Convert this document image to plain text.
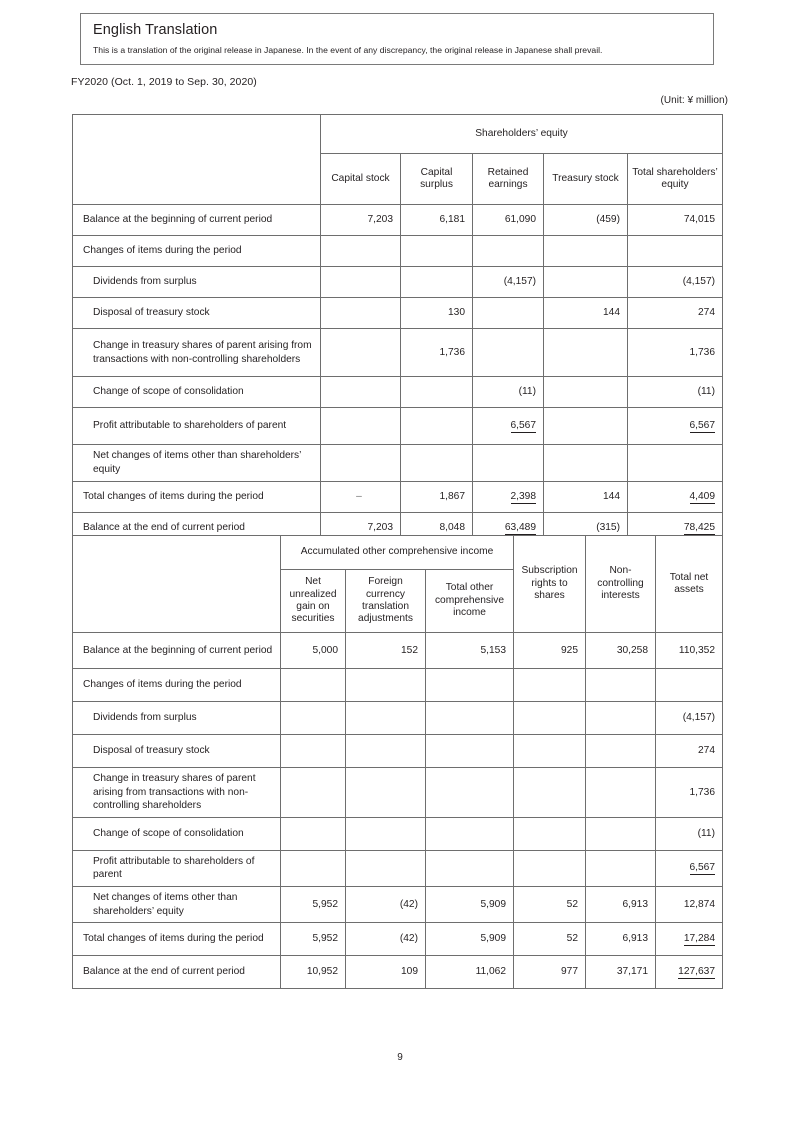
English Translation
This is a translation of the original release in Japanese. In the event of any discrepancy, the original release in Japanese shall prevail.
FY2020 (Oct. 1, 2019 to Sep. 30, 2020)
(Unit: ¥ million)
	Shareholders’ equity				
	Capital stock	Capital surplus	Retained earnings	Treasury stock	Total shareholders’ equity
Balance at the beginning of current period	7,203	6,181	61,090	(459)	74,015
Changes of items during the period					
Dividends from surplus			(4,157)		(4,157)
Disposal of treasury stock		130		144	274
Change in treasury shares of parent arising from transactions with non-controlling shareholders		1,736			1,736
Change of scope of consolidation			(11)		(11)
Profit attributable to shareholders of parent			6,567		6,567
Net changes of items other than shareholders’ equity					
Total changes of items during the period	–	1,867	2,398	144	4,409
Balance at the end of current period	7,203	8,048	63,489	(315)	78,425
	Accumulated other comprehensive income			Subscription rights to shares	Non-controlling interests	Total net assets
	Net unrealized gain on securities	Foreign currency translation adjustments	Total other comprehensive income			
Balance at the beginning of current period	5,000	152	5,153	925	30,258	110,352
Changes of items during the period						
Dividends from surplus						(4,157)
Disposal of treasury stock						274
Change in treasury shares of parent arising from transactions with non-controlling shareholders						1,736
Change of scope of consolidation						(11)
Profit attributable to shareholders of parent						6,567
Net changes of items other than shareholders’ equity	5,952	(42)	5,909	52	6,913	12,874
Total changes of items during the period	5,952	(42)	5,909	52	6,913	17,284
Balance at the end of current period	10,952	109	11,062	977	37,171	127,637
9
